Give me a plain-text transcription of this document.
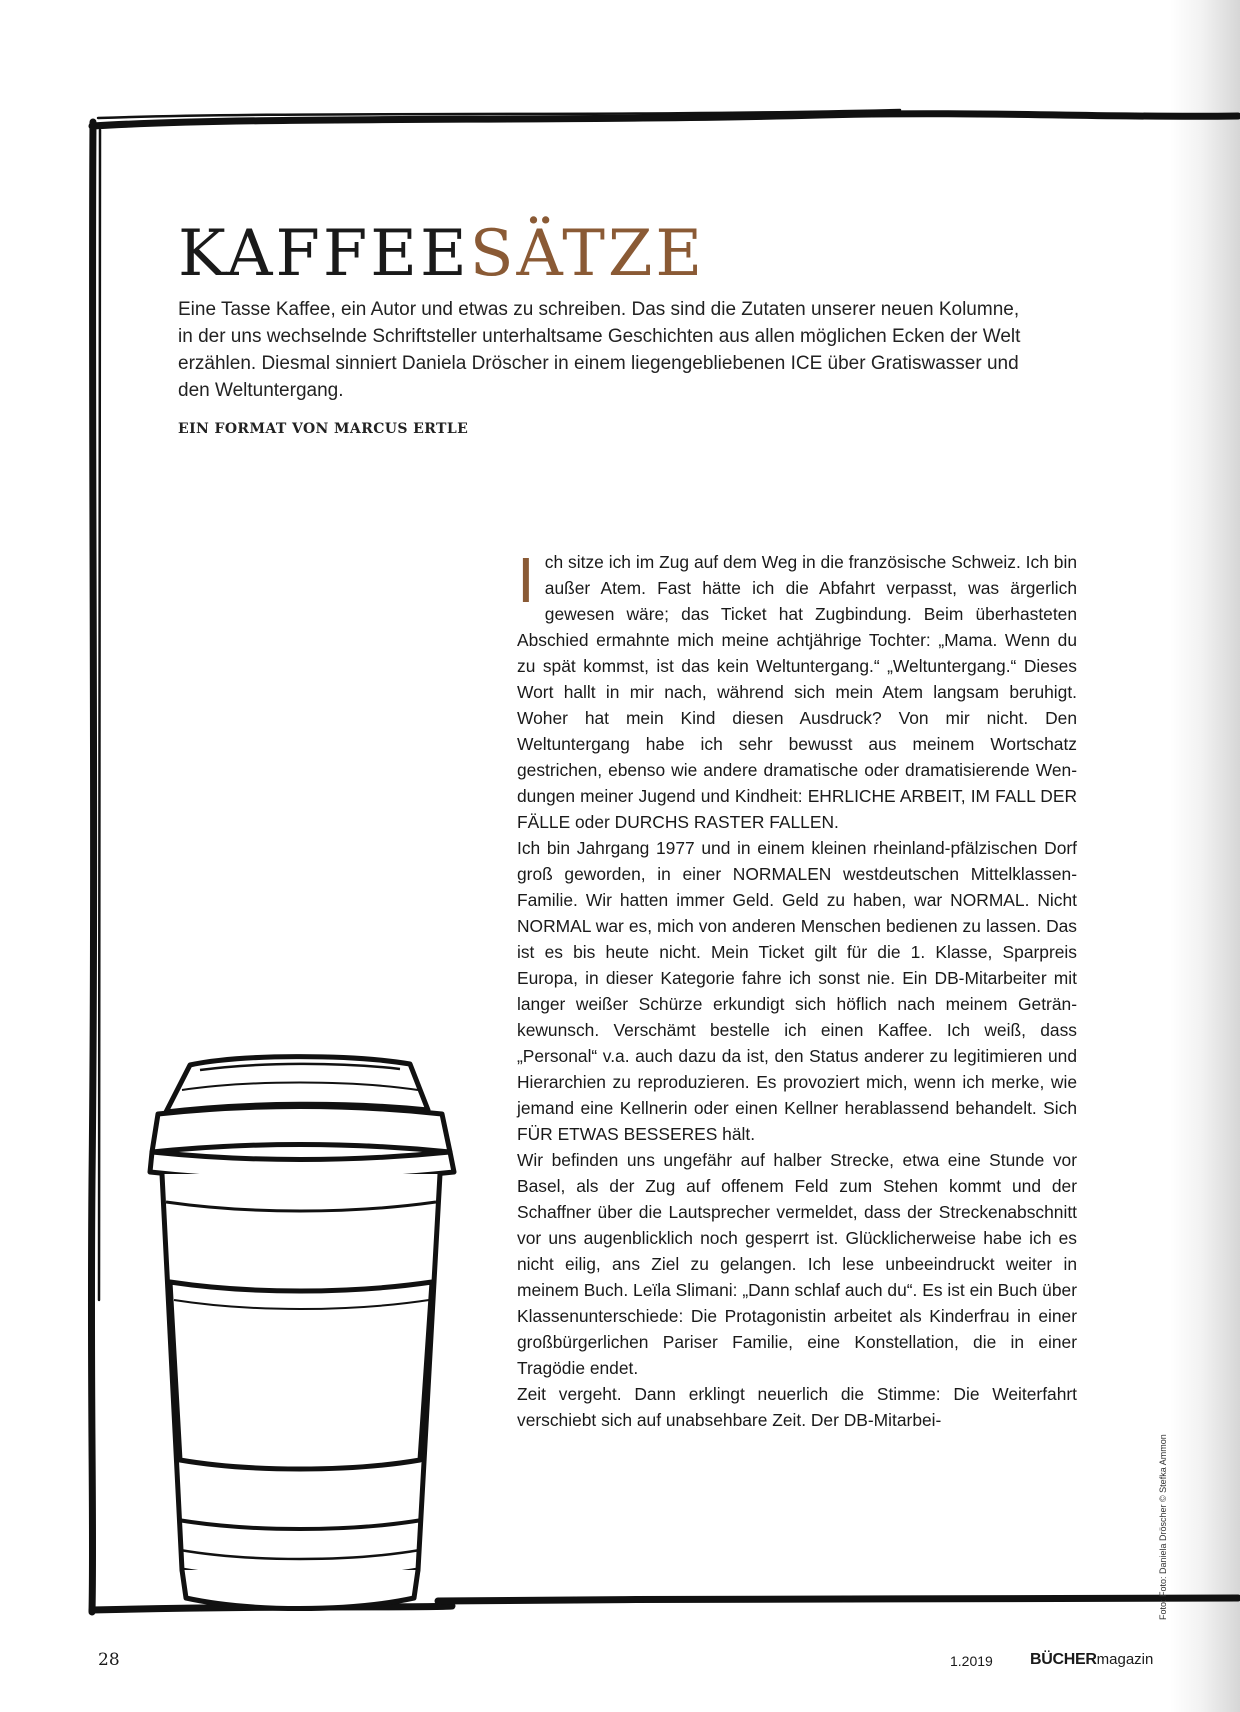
KAFFEESÄTZE

Eine Tasse Kaffee, ein Autor und etwas zu schreiben. Das sind die Zutaten unserer neuen Kolumne, in der uns wechselnde Schriftsteller unterhaltsame Geschichten aus allen möglichen Ecken der Welt erzählen. Diesmal sinniert Daniela Dröscher in einem liegengebliebenen ICE über Gratiswasser und den Weltuntergang.

EIN FORMAT VON MARCUS ERTLE

Ich sitze ich im Zug auf dem Weg in die französische Schweiz. Ich bin außer Atem. Fast hätte ich die Abfahrt verpasst, was ärgerlich gewesen wäre; das Ticket hat Zugbindung. Beim überhasteten Abschied ermahnte mich meine achtjährige Tochter: „Mama. Wenn du zu spät kommst, ist das kein Weltuntergang.“ „Weltuntergang.“ Dieses Wort hallt in mir nach, während sich mein Atem langsam beruhigt. Woher hat mein Kind diesen Ausdruck? Von mir nicht. Den Weltuntergang habe ich sehr bewusst aus meinem Wortschatz gestrichen, ebenso wie andere dramatische oder dramatisierende Wendungen meiner Jugend und Kindheit: EHRLICHE ARBEIT, IM FALL DER FÄLLE oder DURCHS RASTER FALLEN.

Ich bin Jahrgang 1977 und in einem kleinen rheinland-pfälzischen Dorf groß geworden, in einer NORMALEN westdeutschen Mittelklassen-Familie. Wir hatten immer Geld. Geld zu haben, war NORMAL. Nicht NORMAL war es, mich von anderen Menschen bedienen zu lassen. Das ist es bis heute nicht. Mein Ticket gilt für die 1. Klasse, Sparpreis Europa, in dieser Kategorie fahre ich sonst nie. Ein DB-Mitarbeiter mit langer weißer Schürze erkundigt sich höflich nach meinem Getränkewunsch. Verschämt bestelle ich einen Kaffee. Ich weiß, dass „Personal“ v.a. auch dazu da ist, den Status anderer zu legitimieren und Hierarchien zu reproduzieren. Es provoziert mich, wenn ich merke, wie jemand eine Kellnerin oder einen Kellner herablassend behandelt. Sich FÜR ETWAS BESSERES hält.

Wir befinden uns ungefähr auf halber Strecke, etwa eine Stunde vor Basel, als der Zug auf offenem Feld zum Stehen kommt und der Schaffner über die Lautsprecher vermeldet, dass der Streckenabschnitt vor uns augenblicklich noch gesperrt ist. Glücklicherweise habe ich es nicht eilig, ans Ziel zu gelangen. Ich lese unbeeindruckt weiter in meinem Buch. Leïla Slimani: „Dann schlaf auch du“. Es ist ein Buch über Klassenunterschiede: Die Protagonistin arbeitet als Kinderfrau in einer großbürgerlichen Pariser Familie, eine Konstellation, die in einer Tragödie endet.

Zeit vergeht. Dann erklingt neuerlich die Stimme: Die Weiterfahrt verschiebt sich auf unabsehbare Zeit. Der DB-Mitarbei-

Foto: Foto: Daniela Dröscher © Stefka Ammon
28	1.2019 BÜCHERmagazin
